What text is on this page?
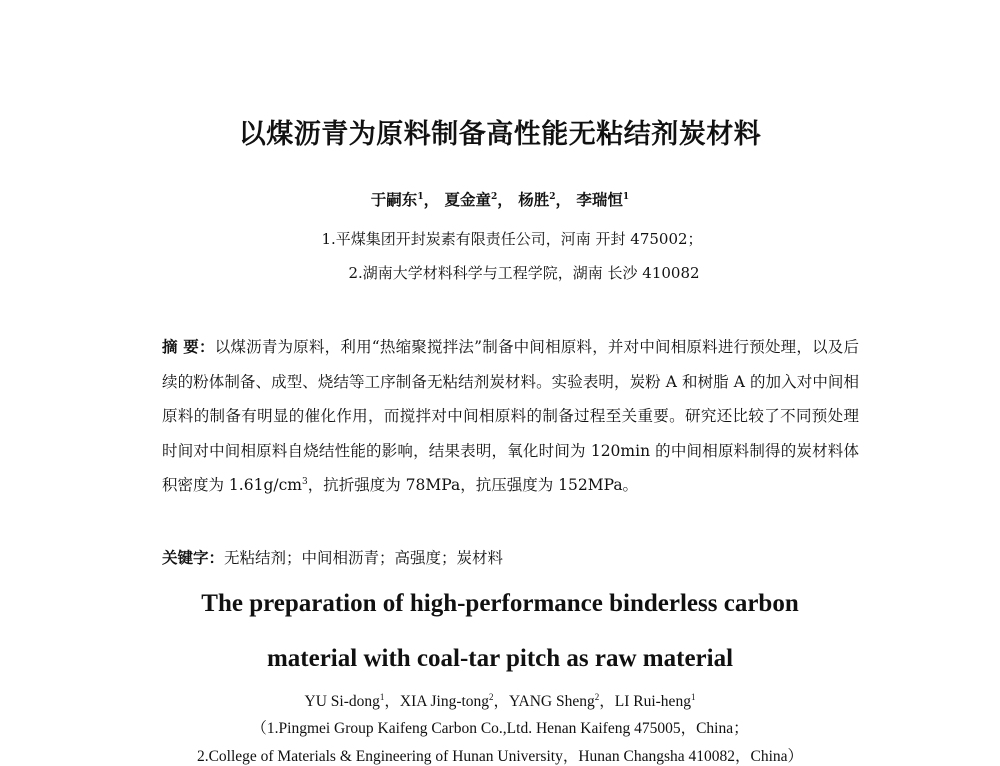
以煤沥青为原料制备高性能无粘结剂炭材料
于嗣东$^1$， 夏金童$^2$， 杨胜$^2$， 李瑞恒$^1$
1.平煤集团开封炭素有限责任公司，河南 开封 475002；
2.湖南大学材料科学与工程学院，湖南 长沙 410082

摘 要：以煤沥青为原料，利用“热缩聚搅拌法”制备中间相原料，并对中间相原料进行预处理，以及后续的粉体制备、成型、烧结等工序制备无粘结剂炭材料。实验表明，炭粉 A 和树脂 A 的加入对中间相原料的制备有明显的催化作用，而搅拌对中间相原料的制备过程至关重要。研究还比较了不同预处理时间对中间相原料自烧结性能的影响，结果表明，氧化时间为 120min 的中间相原料制得的炭材料体积密度为 $1.61g/cm^3$，抗折强度为 78MPa，抗压强度为 152MPa。

关键字：无粘结剂；中间相沥青；高强度；炭材料
The preparation of high-performance binderless carbon
material with coal-tar pitch as raw material
YU Si-dong$^1$，XIA Jing-tong$^2$，YANG Sheng$^2$，LI Rui-heng$^1$
（1.Pingmei Group Kaifeng Carbon Co.,Ltd. Henan Kaifeng 475005，China；
2.College of Materials & Engineering of Hunan University，Hunan Changsha 410082，China）
